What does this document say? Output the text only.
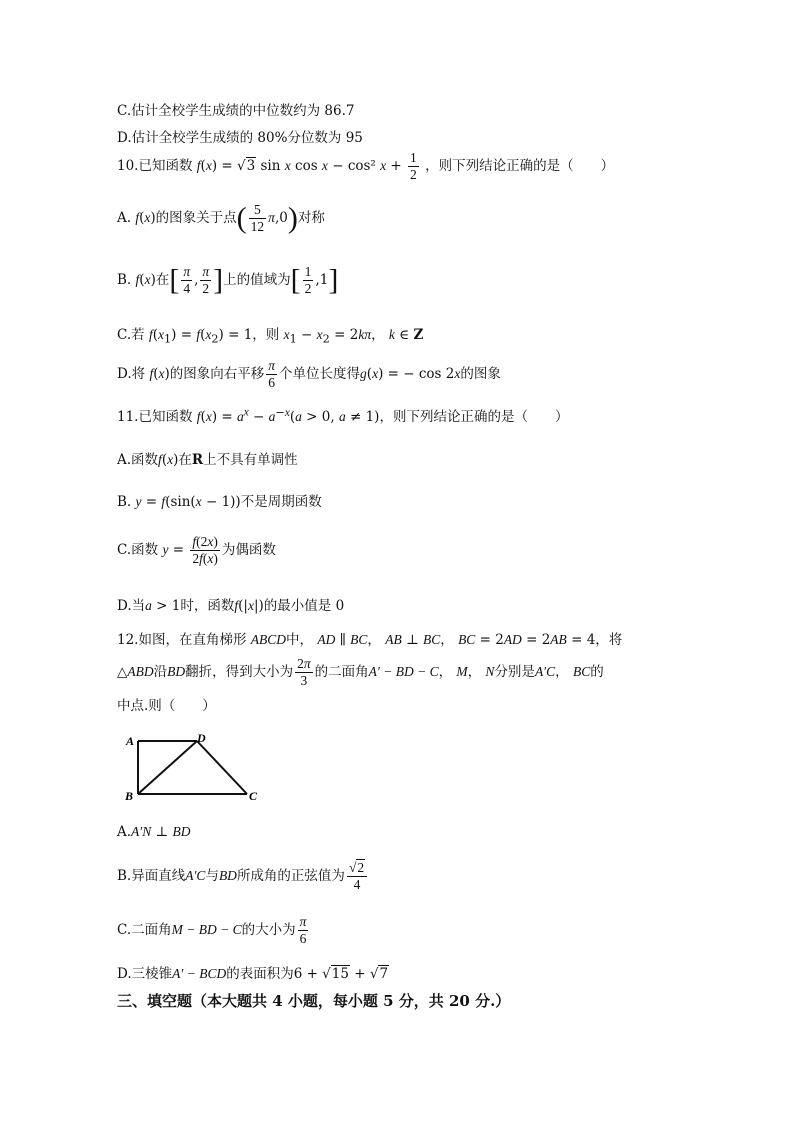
C.估计全校学生成绩的中位数约为 86.7
D.估计全校学生成绩的 80%分位数为 95
10.已知函数 f(x) = √3 sin x cos x − cos² $x + \frac{1}{2}$ ，则下列结论正确的是（　　）
A. f(x)的图象关于点( $\frac{5}{12} \pi,0$)对称
B. f(x)在[ $\frac{\pi}{4}$ , $\frac{\pi}{2}$ ]上的值域为[ $\frac{1}{2} ,1$]
C.若 $f(x_1) = f(x_2) = 1$，则 $x_1 - x_2 = 2k\pi$， k ∈ Z
D.将 f(x)的图象向右平移 $\frac{\pi}{6}$ 个单位长度得g(x) = − cos 2x的图象
11.已知函数 $f(x) = a^x - a^{-x}(a > 0$, a ≠ 1)，则下列结论正确的是（　　）
A.函数f(x)在R上不具有单调性
B. y = f(sin(x − 1))不是周期函数
C.函数 $y = \frac{f(2x)}{2f(x)}$ 为偶函数
D.当a > 1时，函数f(|x|)的最小值是 0
12.如图，在直角梯形 ABCD中， AD ∥ BC， AB ⊥ BC， BC = 2AD = 2AB = 4，将
△ABD沿BD翻折，得到大小为 $\frac{2\pi}{3}$ 的二面角A′ − BD − C， M， N分别是A′C， BC的
中点.则（　　）
A
B	C
D
A.A′N ⊥ BD
B.异面直线A′C与BD所成角的正弦值为 $\frac{√2}{4}$
C.二面角M − BD − C的大小为 $\frac{\pi}{6}$
D.三棱锥A′ − BCD的表面积为6 + √15 + √7
三、填空题（本大题共 4 小题，每小题 5 分，共 20 分.）
